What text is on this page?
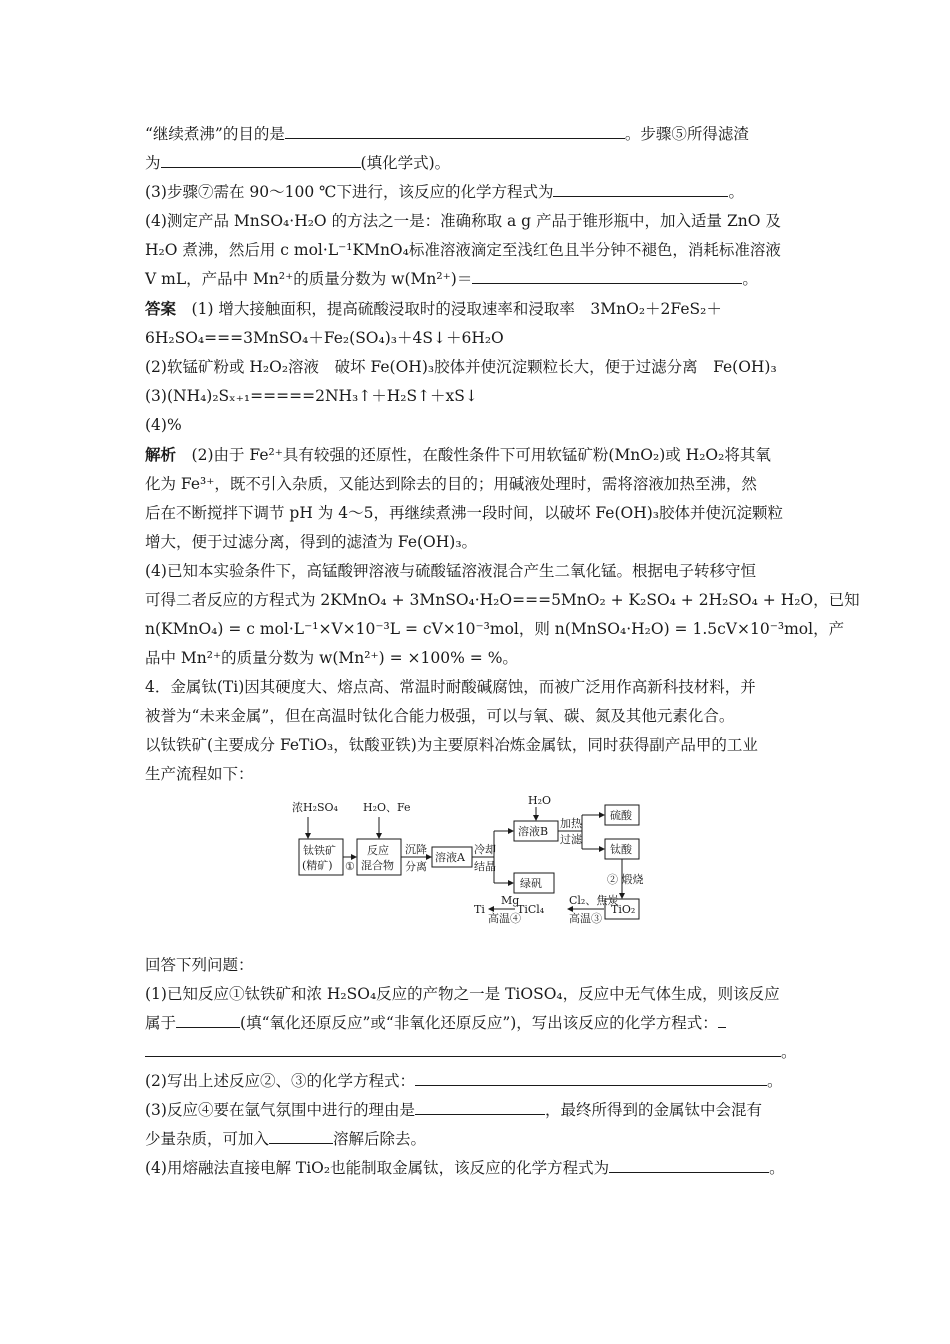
“继续煮沸”的目的是	。步骤⑤所得滤渣
为	(填化学式)。
(3)步骤⑦需在 90～100 ℃下进行，该反应的化学方程式为	。
(4)测定产品 MnSO₄·H₂O 的方法之一是：准确称取 a g 产品于锥形瓶中，加入适量 ZnO 及
H₂O 煮沸，然后用 c mol·L⁻¹KMnO₄标准溶液滴定至浅红色且半分钟不褪色，消耗标准溶液
V mL，产品中 Mn²⁺的质量分数为 w(Mn²⁺)＝	。
答案　 (1) 增大接触面积，提高硫酸浸取时的浸取速率和浸取率　3MnO₂＋2FeS₂＋
6H₂SO₄===3MnSO₄＋Fe₂(SO₄)₃＋4S↓＋6H₂O
(2)软锰矿粉或 H₂O₂溶液　破坏 Fe(OH)₃胶体并使沉淀颗粒长大，便于过滤分离　Fe(OH)₃
(3)(NH₄)₂Sₓ₊₁=====2NH₃↑＋H₂S↑＋xS↓
(4)%
解析　 (2)由于 Fe²⁺具有较强的还原性，在酸性条件下可用软锰矿粉(MnO₂)或 H₂O₂将其氧
化为 Fe³⁺，既不引入杂质，又能达到除去的目的；用碱液处理时，需将溶液加热至沸，然
后在不断搅拌下调节 pH 为 4～5，再继续煮沸一段时间，以破坏 Fe(OH)₃胶体并使沉淀颗粒
增大，便于过滤分离，得到的滤渣为 Fe(OH)₃。
(4)已知本实验条件下，高锰酸钾溶液与硫酸锰溶液混合产生二氧化锰。根据电子转移守恒
可得二者反应的方程式为 2KMnO₄ + 3MnSO₄·H₂O===5MnO₂ + K₂SO₄ + 2H₂SO₄ + H₂O，已知
n(KMnO₄) = c mol·L⁻¹×V×10⁻³L = cV×10⁻³mol，则 n(MnSO₄·H₂O) = 1.5cV×10⁻³mol，产
品中 Mn²⁺的质量分数为 w(Mn²⁺) = ×100% = %。
4．金属钛(Ti)因其硬度大、熔点高、常温时耐酸碱腐蚀，而被广泛用作高新科技材料，并
被誉为“未来金属”，但在高温时钛化合能力极强，可以与氧、碳、氮及其他元素化合。
以钛铁矿(主要成分 FeTiO₃，钛酸亚铁)为主要原料冶炼金属钛，同时获得副产品甲的工业
生产流程如下：
浓H₂SO₄ H₂O、Fe
H₂O
钛铁矿
(精矿) ①
反应
混合物
沉降
分离
溶液A
冷却
结晶
溶液B
加热
过滤
硫酸
钛酸
② 煅烧
绿矾
TiO₂
Cl₂、焦炭
高温③
TiCl₄
Mg
高温④
Ti
回答下列问题：
(1)已知反应①钛铁矿和浓 H₂SO₄反应的产物之一是 TiOSO₄，反应中无气体生成，则该反应
属于	(填“氧化还原反应”或“非氧化还原反应”)，写出该反应的化学方程式：
。
(2)写出上述反应②、③的化学方程式：	。
(3)反应④要在氩气氛围中进行的理由是	，最终所得到的金属钛中会混有
少量杂质，可加入	溶解后除去。
(4)用熔融法直接电解 TiO₂也能制取金属钛，该反应的化学方程式为	。
